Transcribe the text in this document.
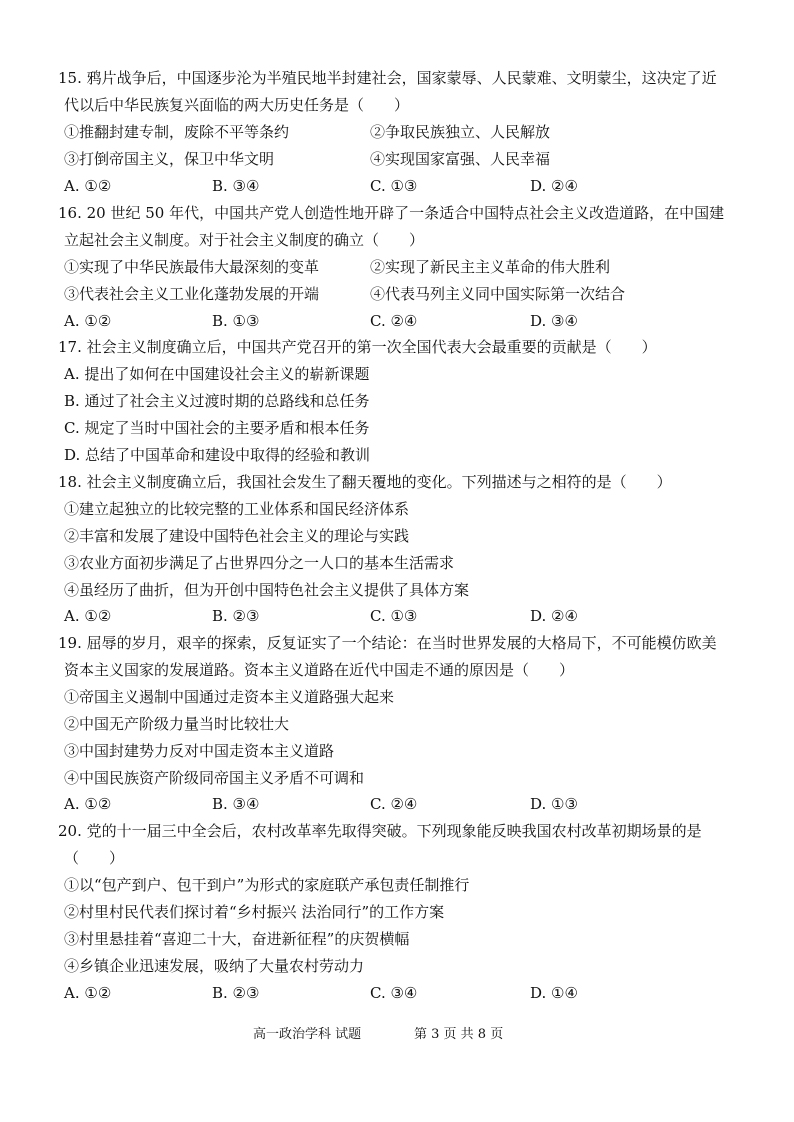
15. 鸦片战争后，中国逐步沦为半殖民地半封建社会，国家蒙辱、人民蒙难、文明蒙尘，这决定了近
代以后中华民族复兴面临的两大历史任务是（　　）
①推翻封建专制，废除不平等条约	②争取民族独立、人民解放
③打倒帝国主义，保卫中华文明	④实现国家富强、人民幸福
A. ①②	B. ③④	C. ①③	D. ②④
16. 20 世纪 50 年代，中国共产党人创造性地开辟了一条适合中国特点社会主义改造道路，在中国建
立起社会主义制度。对于社会主义制度的确立（　　）
①实现了中华民族最伟大最深刻的变革	②实现了新民主主义革命的伟大胜利
③代表社会主义工业化蓬勃发展的开端	④代表马列主义同中国实际第一次结合
A. ①②	B. ①③	C. ②④	D. ③④
17. 社会主义制度确立后，中国共产党召开的第一次全国代表大会最重要的贡献是（　　）
A. 提出了如何在中国建设社会主义的崭新课题
B. 通过了社会主义过渡时期的总路线和总任务
C. 规定了当时中国社会的主要矛盾和根本任务
D. 总结了中国革命和建设中取得的经验和教训
18. 社会主义制度确立后，我国社会发生了翻天覆地的变化。下列描述与之相符的是（　　）
①建立起独立的比较完整的工业体系和国民经济体系
②丰富和发展了建设中国特色社会主义的理论与实践
③农业方面初步满足了占世界四分之一人口的基本生活需求
④虽经历了曲折，但为开创中国特色社会主义提供了具体方案
A. ①②	B. ②③	C. ①③	D. ②④
19. 屈辱的岁月，艰辛的探索，反复证实了一个结论：在当时世界发展的大格局下，不可能模仿欧美
资本主义国家的发展道路。资本主义道路在近代中国走不通的原因是（　　）
①帝国主义遏制中国通过走资本主义道路强大起来
②中国无产阶级力量当时比较壮大
③中国封建势力反对中国走资本主义道路
④中国民族资产阶级同帝国主义矛盾不可调和
A. ①②	B. ③④	C. ②④	D. ①③
20. 党的十一届三中全会后，农村改革率先取得突破。下列现象能反映我国农村改革初期场景的是
（　　）
①以“包产到户、包干到户”为形式的家庭联产承包责任制推行
②村里村民代表们探讨着“乡村振兴 法治同行”的工作方案
③村里悬挂着“喜迎二十大，奋进新征程”的庆贺横幅
④乡镇企业迅速发展，吸纳了大量农村劳动力
A. ①②	B. ②③	C. ③④	D. ①④
高一政治学科 试题	第 3 页 共 8 页
